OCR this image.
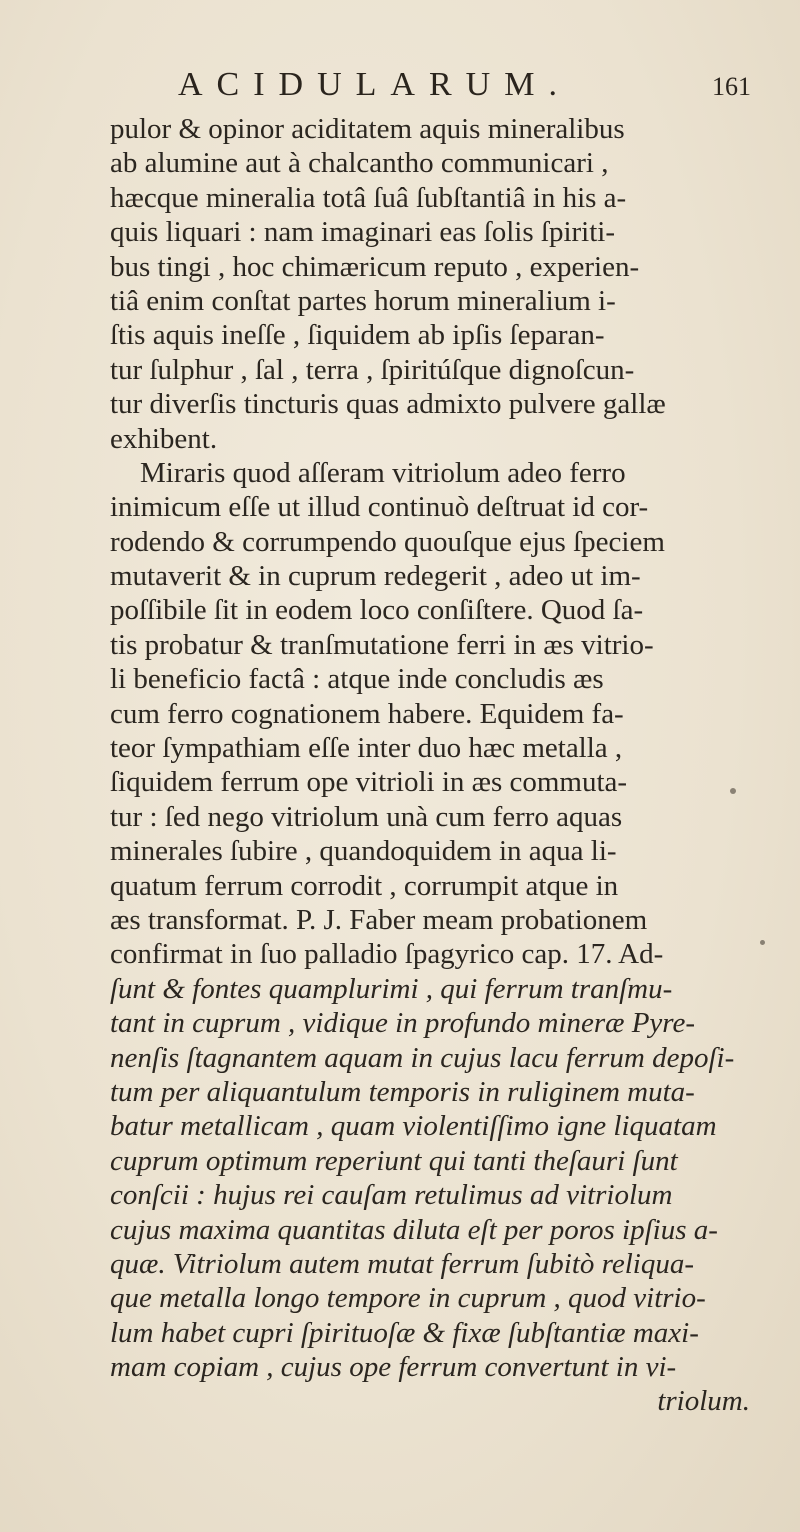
ACIDULARUM.	161
pulor & opinor aciditatem aquis mineralibus
ab alumine aut à chalcantho communicari ,
hæcque mineralia totâ ſuâ ſubſtantiâ in his a-
quis liquari : nam imaginari eas ſolis ſpiriti-
bus tingi , hoc chimæricum reputo , experien-
tiâ enim conſtat partes horum mineralium i-
ſtis aquis ineſſe , ſiquidem ab ipſis ſeparan-
tur ſulphur , ſal , terra , ſpiritúſque dignoſcun-
tur diverſis tincturis quas admixto pulvere gallæ
exhibent.
Miraris quod aſſeram vitriolum adeo ferro
inimicum eſſe ut illud continuò deſtruat id cor-
rodendo & corrumpendo quouſque ejus ſpeciem
mutaverit & in cuprum redegerit , adeo ut im-
poſſibile ſit in eodem loco conſiſtere. Quod ſa-
tis probatur & tranſmutatione ferri in æs vitrio-
li beneficio factâ : atque inde concludis æs
cum ferro cognationem habere. Equidem fa-
teor ſympathiam eſſe inter duo hæc metalla ,
ſiquidem ferrum ope vitrioli in æs commuta-
tur : ſed nego vitriolum unà cum ferro aquas
minerales ſubire , quandoquidem in aqua li-
quatum ferrum corrodit , corrumpit atque in
æs transformat. P. J. Faber meam probationem
confirmat in ſuo palladio ſpagyrico cap. 17. Ad-
ſunt & fontes quamplurimi , qui ferrum tranſmu-
tant in cuprum , vidique in profundo mineræ Pyre-
nenſis ſtagnantem aquam in cujus lacu ferrum depoſi-
tum per aliquantulum temporis in ruliginem muta-
batur metallicam , quam violentiſſimo igne liquatam
cuprum optimum reperiunt qui tanti theſauri ſunt
conſcii : hujus rei cauſam retulimus ad vitriolum
cujus maxima quantitas diluta eſt per poros ipſius a-
quæ. Vitriolum autem mutat ferrum ſubitò reliqua-
que metalla longo tempore in cuprum , quod vitrio-
lum habet cupri ſpirituoſæ & fixæ ſubſtantiæ maxi-
mam copiam , cujus ope ferrum convertunt in vi-
triolum.
